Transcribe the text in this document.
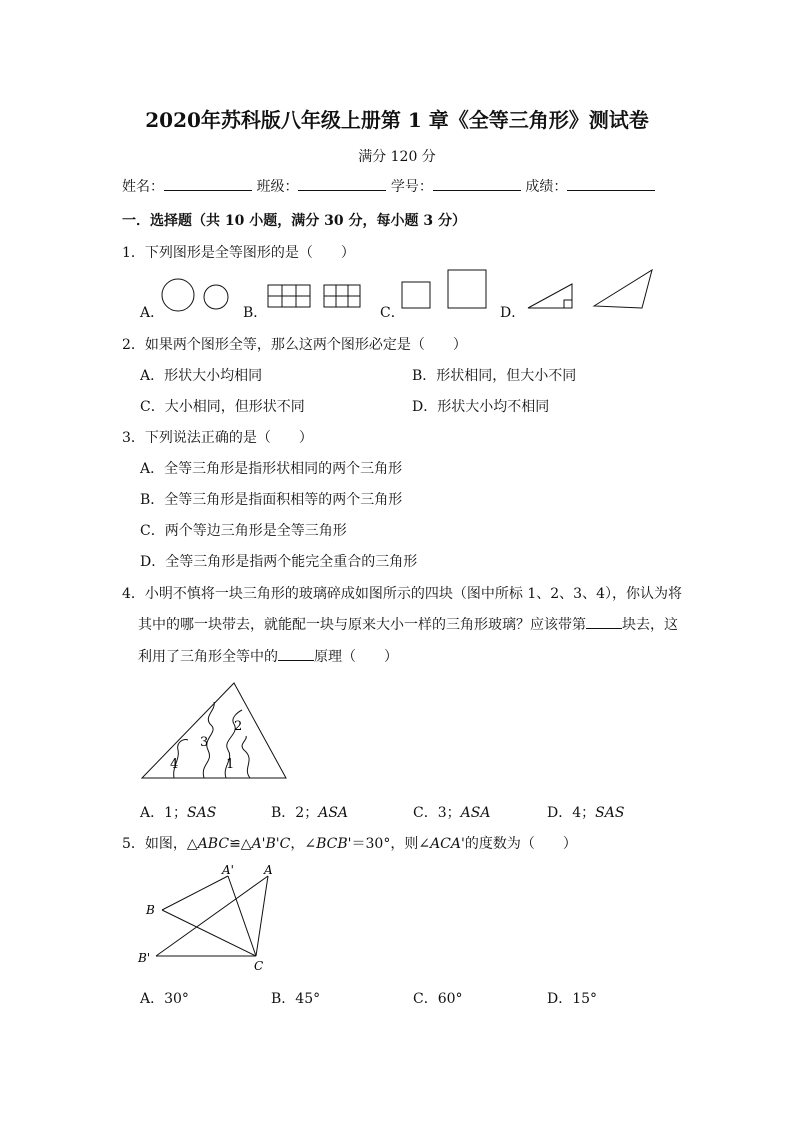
2020年苏科版八年级上册第 1 章《全等三角形》测试卷
满分 120 分
姓名：	班级：	学号：	成绩：
一．选择题（共 10 小题，满分 30 分，每小题 3 分）
1．下列图形是全等图形的是（　　）
A．	B．	C．	D．
2．如果两个图形全等，那么这两个图形必定是（　　）
A．形状大小均相同	B．形状相同，但大小不同
C．大小相同，但形状不同	D．形状大小均不相同
3．下列说法正确的是（　　）
A．全等三角形是指形状相同的两个三角形
B．全等三角形是指面积相等的两个三角形
C．两个等边三角形是全等三角形
D．全等三角形是指两个能完全重合的三角形
4．小明不慎将一块三角形的玻璃碎成如图所示的四块（图中所标 1、2、3、4），你认为将
其中的哪一块带去，就能配一块与原来大小一样的三角形玻璃？应该带第	块去，这
利用了三角形全等中的	原理（　　）
2
3
1
4
A．1；SAS	B．2；ASA	C．3；ASA	D．4；SAS
5．如图，△ABC≌△A'B'C，∠BCB'＝30°，则∠ACA'的度数为（　　）
A'	A
B
B'
C
A．30°	B．45°	C．60°	D．15°
